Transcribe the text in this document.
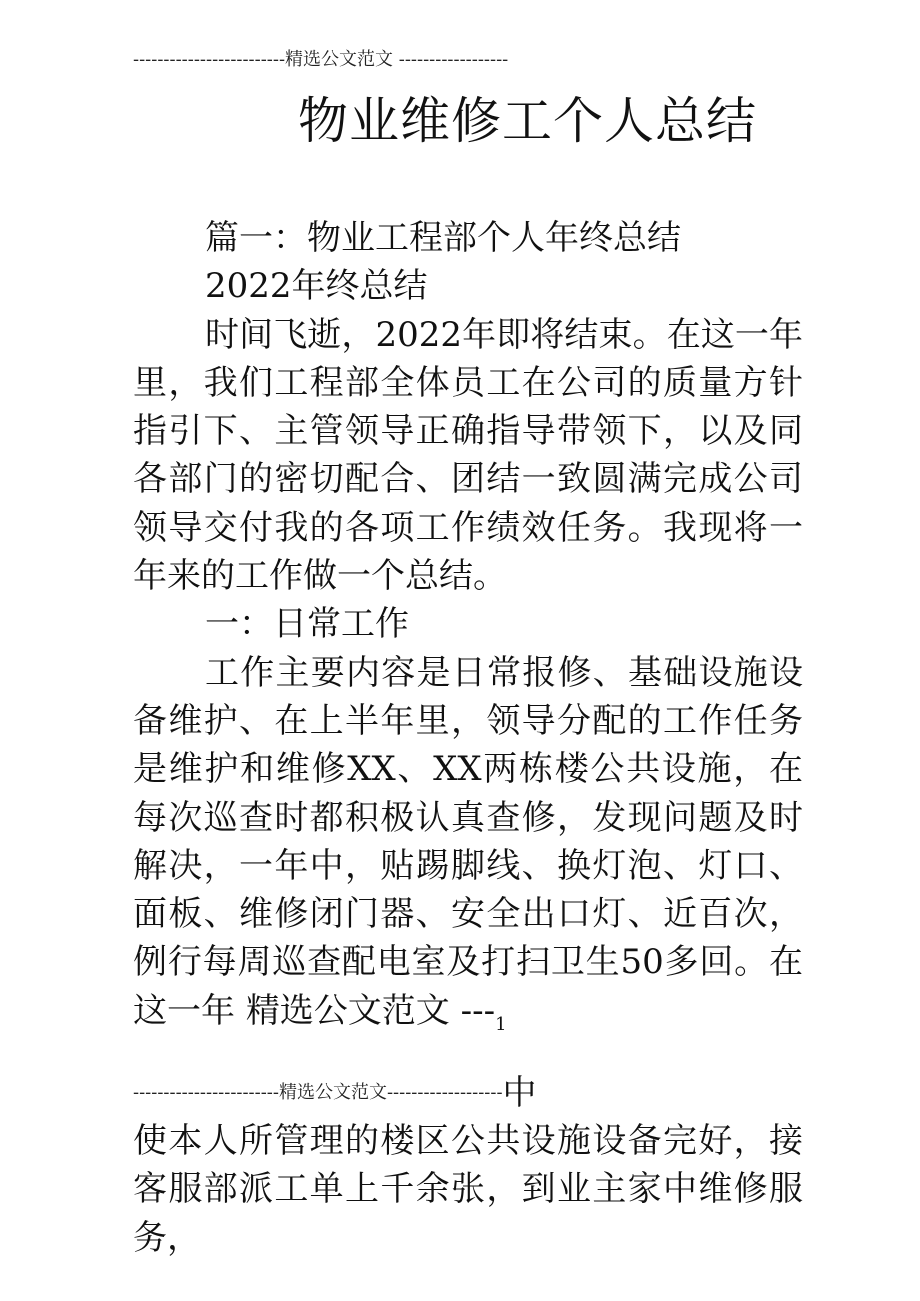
-------------------------精选公文范文 ------------------
物业维修工个人总结

篇一：物业工程部个人年终总结

2022年终总结

时间飞逝，2022年即将结束。在这一年里，我们工程部全体员工在公司的质量方针指引下、主管领导正确指导带领下，以及同各部门的密切配合、团结一致圆满完成公司领导交付我的各项工作绩效任务。我现将一年来的工作做一个总结。

一：日常工作

工作主要内容是日常报修、基础设施设备维护、在上半年里，领导分配的工作任务是维护和维修XX、XX两栋楼公共设施，在每次巡查时都积极认真查修，发现问题及时解决，一年中，贴踢脚线、换灯泡、灯口、面板、维修闭门器、安全出口灯、近百次，例行每周巡查配电室及打扫卫生50多回。在这一年 精选公文范文 $---_1$

------------------------精选公文范文-------------------中

使本人所管理的楼区公共设施设备完好，接客服部派工单上千余张，到业主家中维修服务，
